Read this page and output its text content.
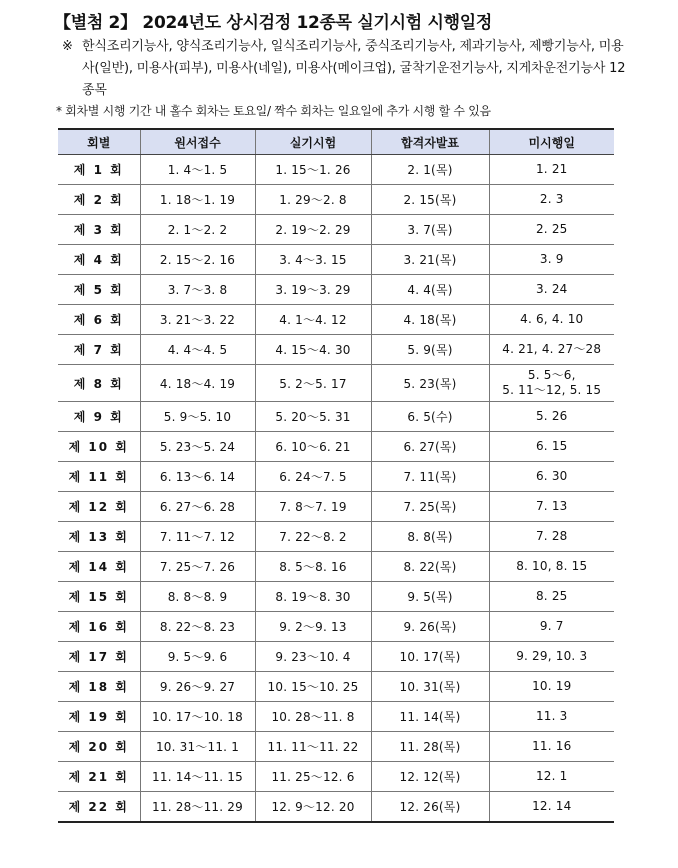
【별첨 2】 2024년도 상시검정 12종목 실기시험 시행일정
※ 한식조리기능사, 양식조리기능사, 일식조리기능사, 중식조리기능사, 제과기능사, 제빵기능사, 미용사(일반), 미용사(피부), 미용사(네일), 미용사(메이크업), 굴착기운전기능사, 지게차운전기능사 12종목
* 회차별 시행 기간 내 홀수 회차는 토요일/ 짝수 회차는 일요일에 추가 시행 할 수 있음
회별	원서접수	실기시험	합격자발표	미시행일
제 1 회	1. 4～1. 5	1. 15～1. 26	2. 1(목)	1. 21

제 2 회	1. 18～1. 19	1. 29～2. 8	2. 15(목)	2. 3

제 3 회	2. 1～2. 2	2. 19～2. 29	3. 7(목)	2. 25

제 4 회	2. 15～2. 16	3. 4～3. 15	3. 21(목)	3. 9

제 5 회	3. 7～3. 8	3. 19～3. 29	4. 4(목)	3. 24

제 6 회	3. 21～3. 22	4. 1～4. 12	4. 18(목)	4. 6, 4. 10

제 7 회	4. 4～4. 5	4. 15～4. 30	5. 9(목)	4. 21, 4. 27～28

제 8 회	4. 18～4. 19	5. 2～5. 17	5. 23(목)	5. 5～6,
5. 11～12, 5. 15

제 9 회	5. 9～5. 10	5. 20～5. 31	6. 5(수)	5. 26

제 10 회	5. 23～5. 24	6. 10～6. 21	6. 27(목)	6. 15

제 11 회	6. 13～6. 14	6. 24～7. 5	7. 11(목)	6. 30

제 12 회	6. 27～6. 28	7. 8～7. 19	7. 25(목)	7. 13

제 13 회	7. 11～7. 12	7. 22～8. 2	8. 8(목)	7. 28

제 14 회	7. 25～7. 26	8. 5～8. 16	8. 22(목)	8. 10, 8. 15

제 15 회	8. 8～8. 9	8. 19～8. 30	9. 5(목)	8. 25

제 16 회	8. 22～8. 23	9. 2～9. 13	9. 26(목)	9. 7

제 17 회	9. 5～9. 6	9. 23～10. 4	10. 17(목)	9. 29, 10. 3

제 18 회	9. 26～9. 27	10. 15～10. 25	10. 31(목)	10. 19

제 19 회	10. 17～10. 18	10. 28～11. 8	11. 14(목)	11. 3

제 20 회	10. 31～11. 1	11. 11～11. 22	11. 28(목)	11. 16

제 21 회	11. 14～11. 15	11. 25～12. 6	12. 12(목)	12. 1

제 22 회	11. 28～11. 29	12. 9～12. 20	12. 26(목)	12. 14
